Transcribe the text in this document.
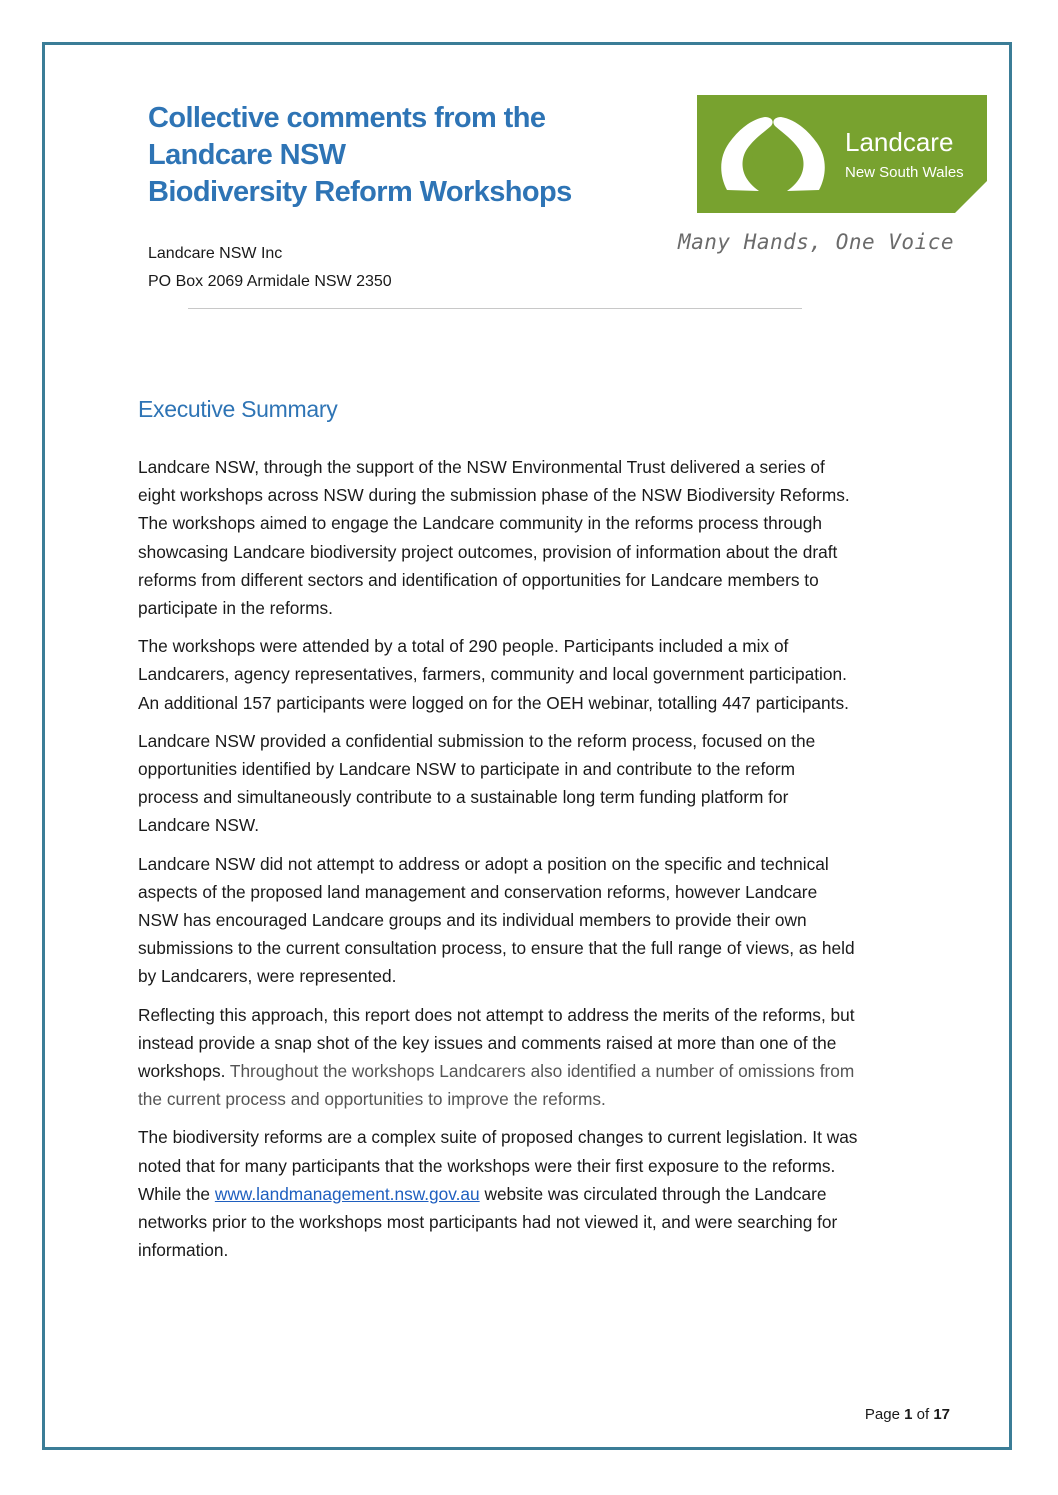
Collective comments from the
Landcare NSW
Biodiversity Reform Workshops
Landcare NSW Inc
PO Box 2069 Armidale NSW 2350
Landcare
New South Wales
Many Hands, One Voice
Executive Summary

Landcare NSW, through the support of the NSW Environmental Trust delivered a series of eight workshops across NSW during the submission phase of the NSW Biodiversity Reforms. The workshops aimed to engage the Landcare community in the reforms process through showcasing Landcare biodiversity project outcomes, provision of information about the draft reforms from different sectors and identification of opportunities for Landcare members to participate in the reforms.

The workshops were attended by a total of 290 people. Participants included a mix of Landcarers, agency representatives, farmers, community and local government participation. An additional 157 participants were logged on for the OEH webinar, totalling 447 participants.

Landcare NSW provided a confidential submission to the reform process, focused on the opportunities identified by Landcare NSW to participate in and contribute to the reform process and simultaneously contribute to a sustainable long term funding platform for Landcare NSW.

Landcare NSW did not attempt to address or adopt a position on the specific and technical aspects of the proposed land management and conservation reforms, however Landcare NSW has encouraged Landcare groups and its individual members to provide their own submissions to the current consultation process, to ensure that the full range of views, as held by Landcarers, were represented.

Reflecting this approach, this report does not attempt to address the merits of the reforms, but instead provide a snap shot of the key issues and comments raised at more than one of the workshops. Throughout the workshops Landcarers also identified a number of omissions from the current process and opportunities to improve the reforms.

The biodiversity reforms are a complex suite of proposed changes to current legislation. It was noted that for many participants that the workshops were their first exposure to the reforms. While the www.landmanagement.nsw.gov.au website was circulated through the Landcare networks prior to the workshops most participants had not viewed it, and were searching for information.

Page 1 of 17
